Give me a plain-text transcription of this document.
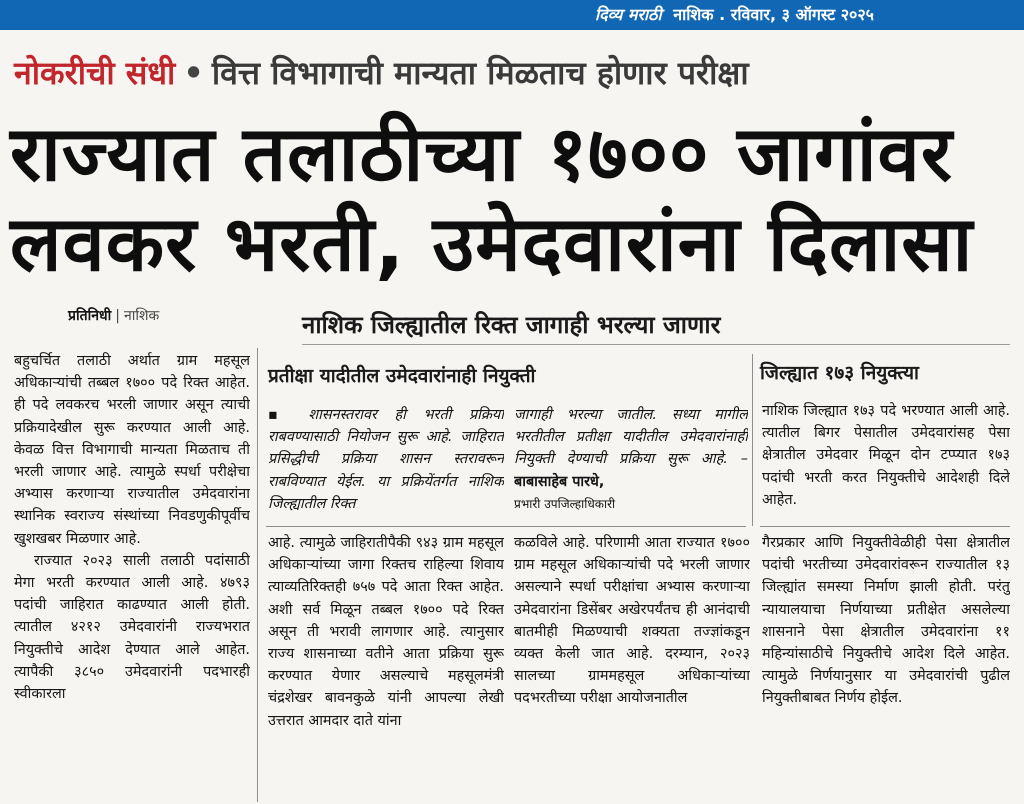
दिव्य मराठी नाशिक . रविवार, ३ ऑगस्ट २०२५
नोकरीची संधी • वित्त विभागाची मान्यता मिळताच होणार परीक्षा
राज्यात तलाठीच्या १७०० जागांवर
लवकर भरती, उमेदवारांना दिलासा
प्रतिनिधी | नाशिक	नाशिक जिल्ह्यातील रिक्त जागाही भरल्या जाणार

बहुचर्चित तलाठी अर्थात ग्राम महसूल अधिकाऱ्यांची तब्बल १७०० पदे रिक्त आहेत. ही पदे लवकरच भरली जाणार असून त्याची प्रक्रियादेखील सुरू करण्यात आली आहे. केवळ वित्त विभागाची मान्यता मिळताच ती भरली जाणार आहे. त्यामुळे स्पर्धा परीक्षेचा अभ्यास करणाऱ्या राज्यातील उमेदवारांना स्थानिक स्वराज्य संस्थांच्या निवडणुकीपूर्वीच खुशखबर मिळणार आहे.

राज्यात २०२३ साली तलाठी पदांसाठी मेगा भरती करण्यात आली आहे. ४७९३ पदांची जाहिरात काढण्यात आली होती. त्यातील ४२१२ उमेदवारांनी राज्यभरात नियुक्तीचे आदेश देण्यात आले आहेत. त्यापैकी ३८५० उमेदवारांनी पदभारही स्वीकारला

प्रतीक्षा यादीतील उमेदवारांनाही नियुक्ती	जिल्ह्यात १७३ नियुक्त्या
▪ शासनस्तरावर ही भरती प्रक्रिया राबवण्यासाठी नियोजन सुरू आहे. जाहिरात प्रसिद्धीची प्रक्रिया शासन स्तरावरून राबविण्यात येईल. या प्रक्रियेंतर्गत नाशिक जिल्ह्यातील रिक्त
जागाही भरल्या जातील. सध्या मागील भरतीतील प्रतीक्षा यादीतील उमेदवारांनाही नियुक्ती देण्याची प्रक्रिया सुरू आहे. – बाबासाहेब पारधे,
प्रभारी उपजिल्हाधिकारी
नाशिक जिल्ह्यात १७३ पदे भरण्यात आली आहे. त्यातील बिगर पेसातील उमेदवारांसह पेसा क्षेत्रातील उमेदवार मिळून दोन टप्प्यात १७३ पदांची भरती करत नियुक्तीचे आदेशही दिले आहेत.
आहे. त्यामुळे जाहिरातीपैकी ९४३ ग्राम महसूल अधिकाऱ्यांच्या जागा रिक्तच राहिल्या शिवाय त्याव्यतिरिक्तही ७५७ पदे आता रिक्त आहेत. अशी सर्व मिळून तब्बल १७०० पदे रिक्त असून ती भरावी लागणार आहे. त्यानुसार राज्य शासनाच्या वतीने आता प्रक्रिया सुरू करण्यात येणार असल्याचे महसूलमंत्री चंद्रशेखर बावनकुळे यांनी आपल्या लेखी उत्तरात आमदार दाते यांना
कळविले आहे. परिणामी आता राज्यात १७०० ग्राम महसूल अधिकाऱ्यांची पदे भरली जाणार असल्याने स्पर्धा परीक्षांचा अभ्यास करणाऱ्या उमेदवारांना डिसेंबर अखेरपर्यंतच ही आनंदाची बातमीही मिळण्याची शक्यता तज्ज्ञांकडून व्यक्त केली जात आहे. दरम्यान, २०२३ सालच्या ग्राममहसूल अधिकाऱ्यांच्या पदभरतीच्या परीक्षा आयोजनातील
गैरप्रकार आणि नियुक्तीवेळीही पेसा क्षेत्रातील पदांची भरतीच्या उमेदवारांवरून राज्यातील १३ जिल्ह्यांत समस्या निर्माण झाली होती. परंतु न्यायालयाचा निर्णयाच्या प्रतीक्षेत असलेल्या शासनाने पेसा क्षेत्रातील उमेदवारांना ११ महिन्यांसाठीचे नियुक्तीचे आदेश दिले आहेत. त्यामुळे निर्णयानुसार या उमेदवारांची पुढील नियुक्तीबाबत निर्णय होईल.
